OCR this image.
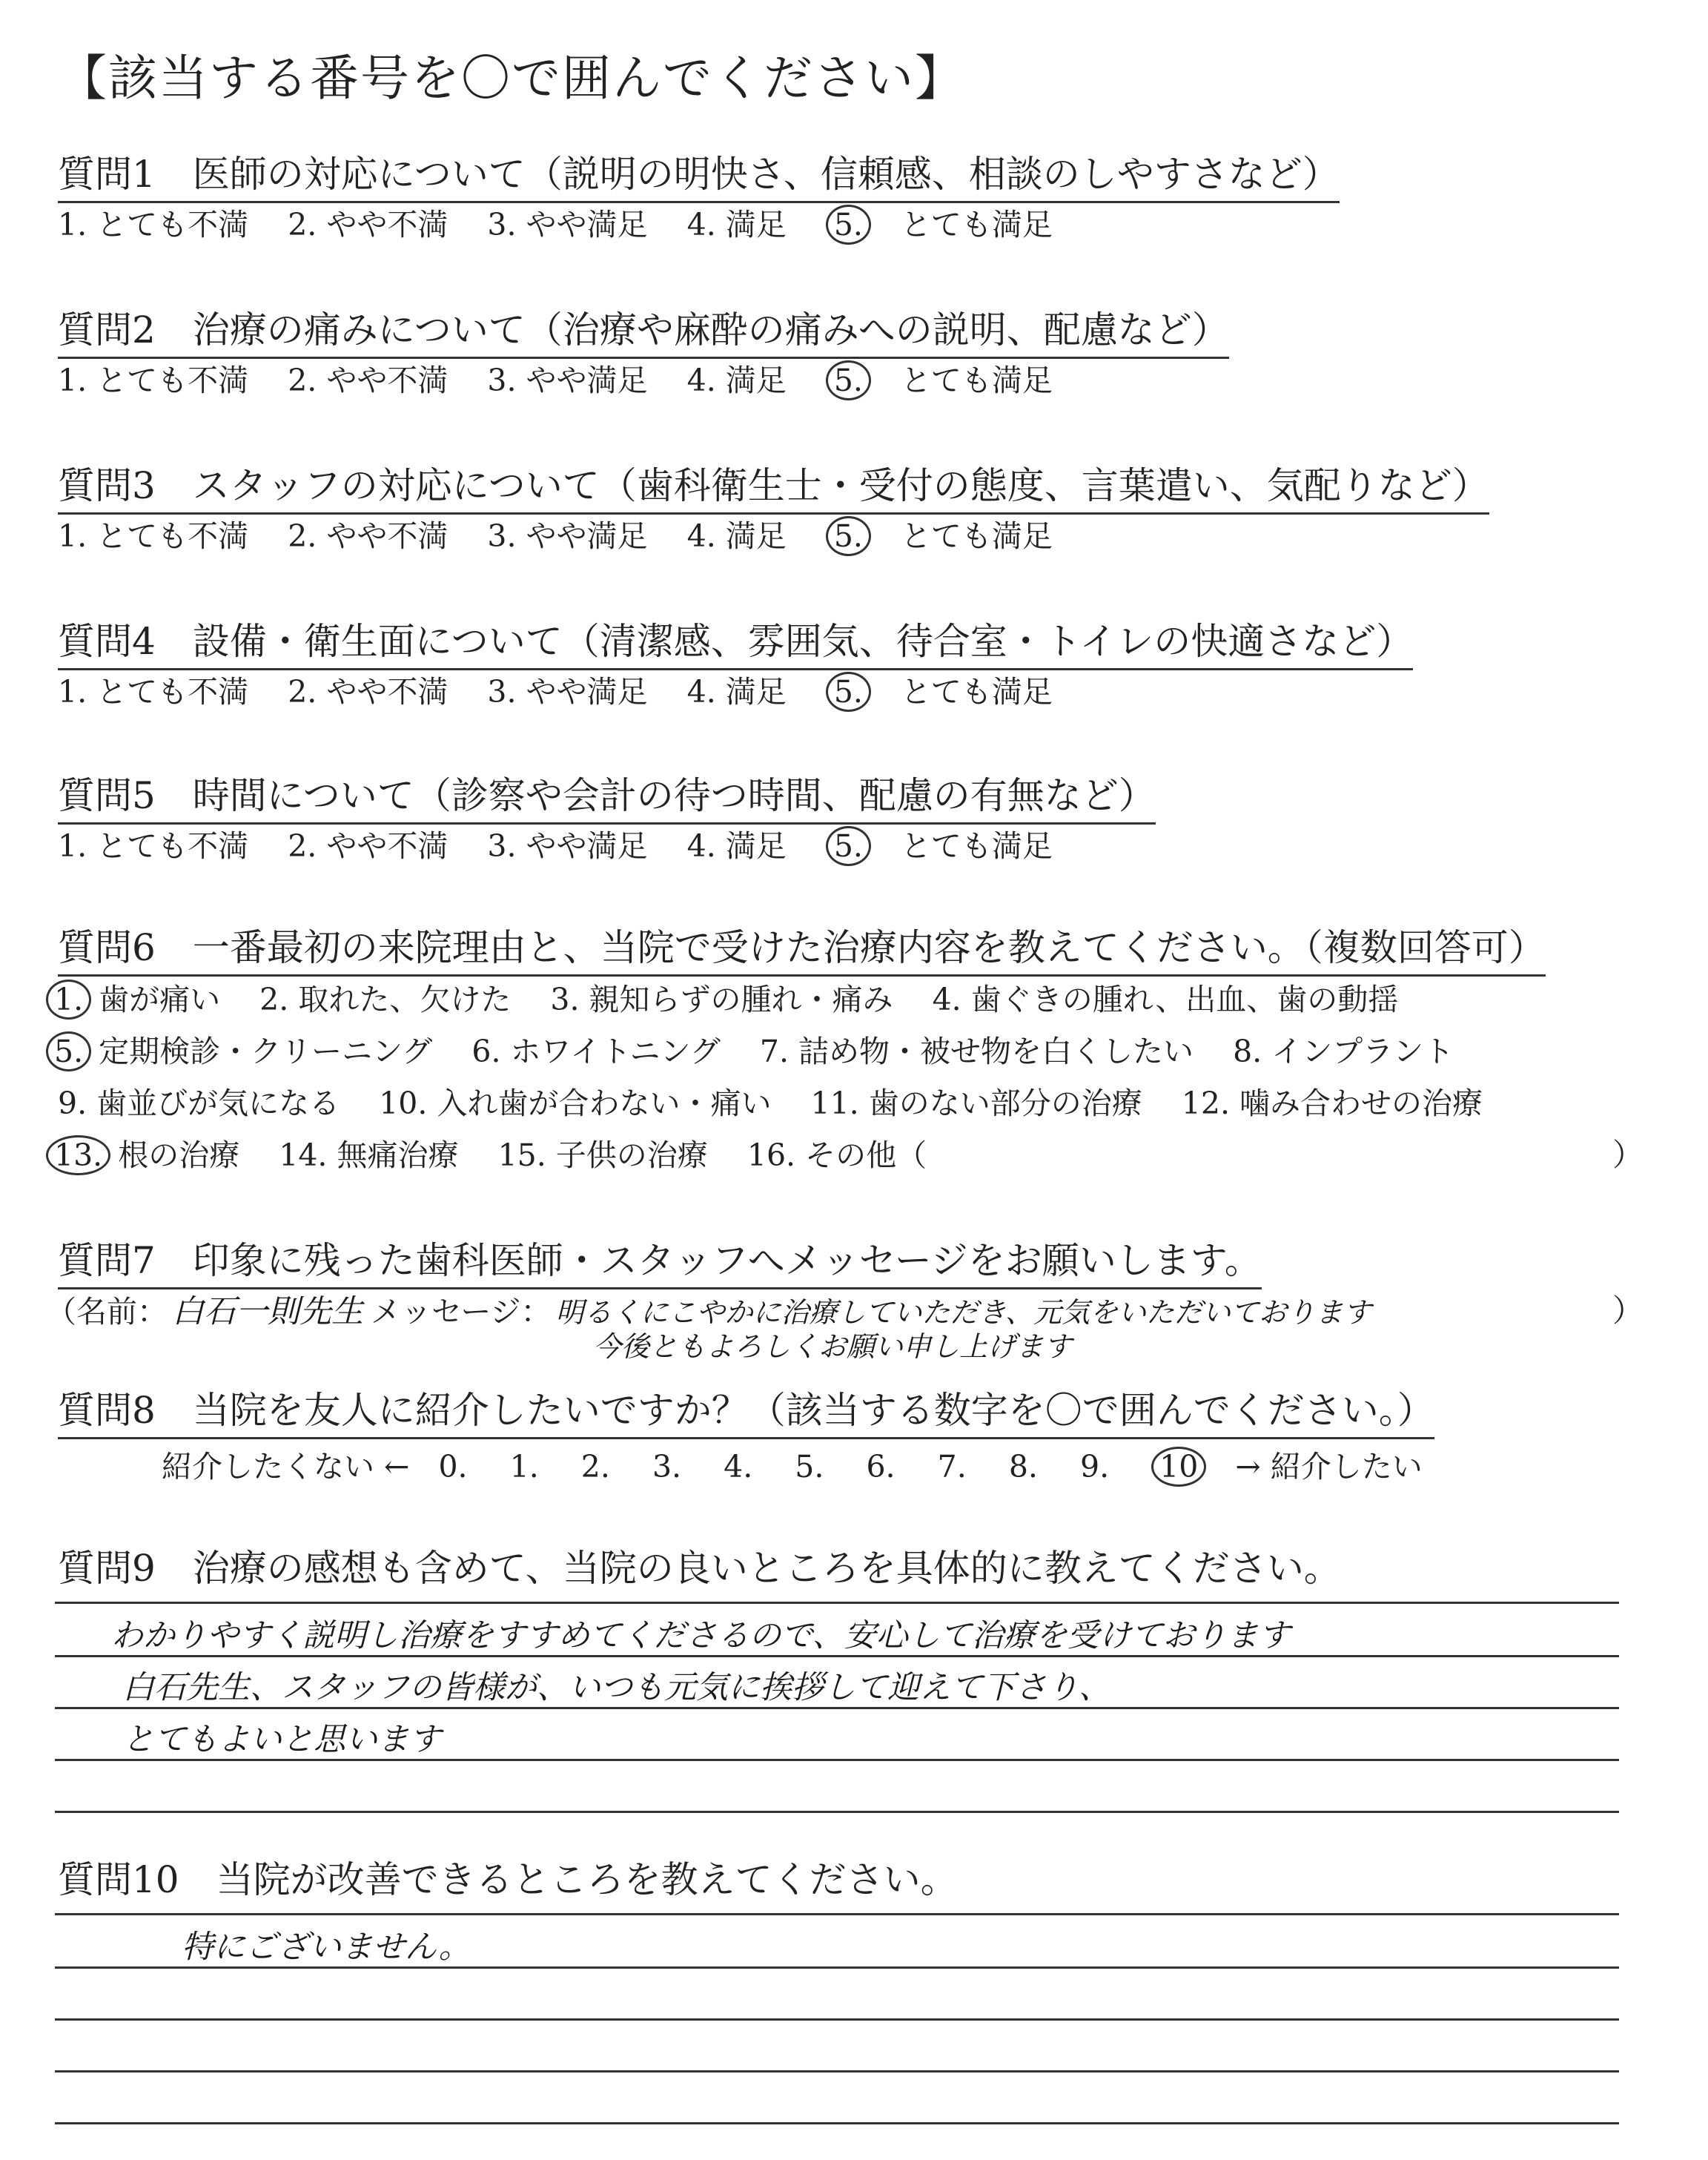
【該当する番号を〇で囲んでください】
質問1　医師の対応について（説明の明快さ、信頼感、相談のしやすさなど）
1. とても不満 2. やや不満 3. やや満足 4. 満足 5. とても満足
質問2　治療の痛みについて（治療や麻酔の痛みへの説明、配慮など）
1. とても不満 2. やや不満 3. やや満足 4. 満足 5. とても満足
質問3　スタッフの対応について（歯科衛生士・受付の態度、言葉遣い、気配りなど）
1. とても不満 2. やや不満 3. やや満足 4. 満足 5. とても満足
質問4　設備・衛生面について（清潔感、雰囲気、待合室・トイレの快適さなど）
1. とても不満 2. やや不満 3. やや満足 4. 満足 5. とても満足
質問5　時間について（診察や会計の待つ時間、配慮の有無など）
1. とても不満 2. やや不満 3. やや満足 4. 満足 5. とても満足
質問6　一番最初の来院理由と、当院で受けた治療内容を教えてください。（複数回答可）
1. 歯が痛い 2. 取れた、欠けた 3. 親知らずの腫れ・痛み 4. 歯ぐきの腫れ、出血、歯の動揺
5. 定期検診・クリーニング 6. ホワイトニング 7. 詰め物・被せ物を白くしたい 8. インプラント
9. 歯並びが気になる 10. 入れ歯が合わない・痛い 11. 歯のない部分の治療 12. 噛み合わせの治療
13. 根の治療 14. 無痛治療 15. 子供の治療 16. その他（	）
質問7　印象に残った歯科医師・スタッフへメッセージをお願いします。
（名前： 白石一則先生 メッセージ： 明るくにこやかに治療していただき、元気をいただいております	）
今後ともよろしくお願い申し上げます
質問8　当院を友人に紹介したいですか？（該当する数字を〇で囲んでください。）
紹介したくない ← 0. 1. 2. 3. 4. 5. 6. 7. 8. 9. 10 → 紹介したい
質問9　治療の感想も含めて、当院の良いところを具体的に教えてください。
わかりやすく説明し治療をすすめてくださるので、安心して治療を受けております
白石先生、スタッフの皆様が、いつも元気に挨拶して迎えて下さり、
とてもよいと思います
質問10　当院が改善できるところを教えてください。
特にございません。
